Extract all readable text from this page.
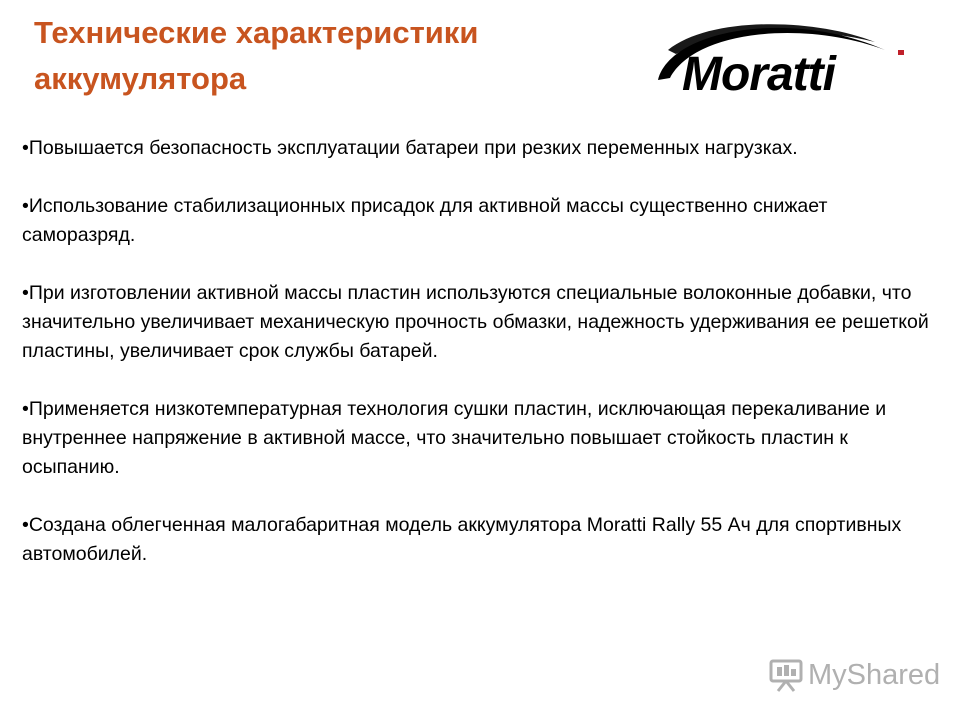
Технические характеристики
аккумулятора	Moratti
•Повышается безопасность эксплуатации батареи при резких переменных нагрузках.
•Использование стабилизационных присадок для активной массы существенно снижает саморазряд.
•При изготовлении активной массы пластин используются специальные волоконные добавки, что значительно увеличивает механическую прочность обмазки, надежность удерживания ее решеткой пластины, увеличивает срок службы батарей.
•Применяется низкотемпературная технология сушки пластин, исключающая перекаливание и внутреннее напряжение в активной массе, что значительно повышает стойкость пластин к осыпанию.
•Создана облегченная малогабаритная модель аккумулятора Moratti Rally 55 Ач для спортивных автомобилей.
MyShared
